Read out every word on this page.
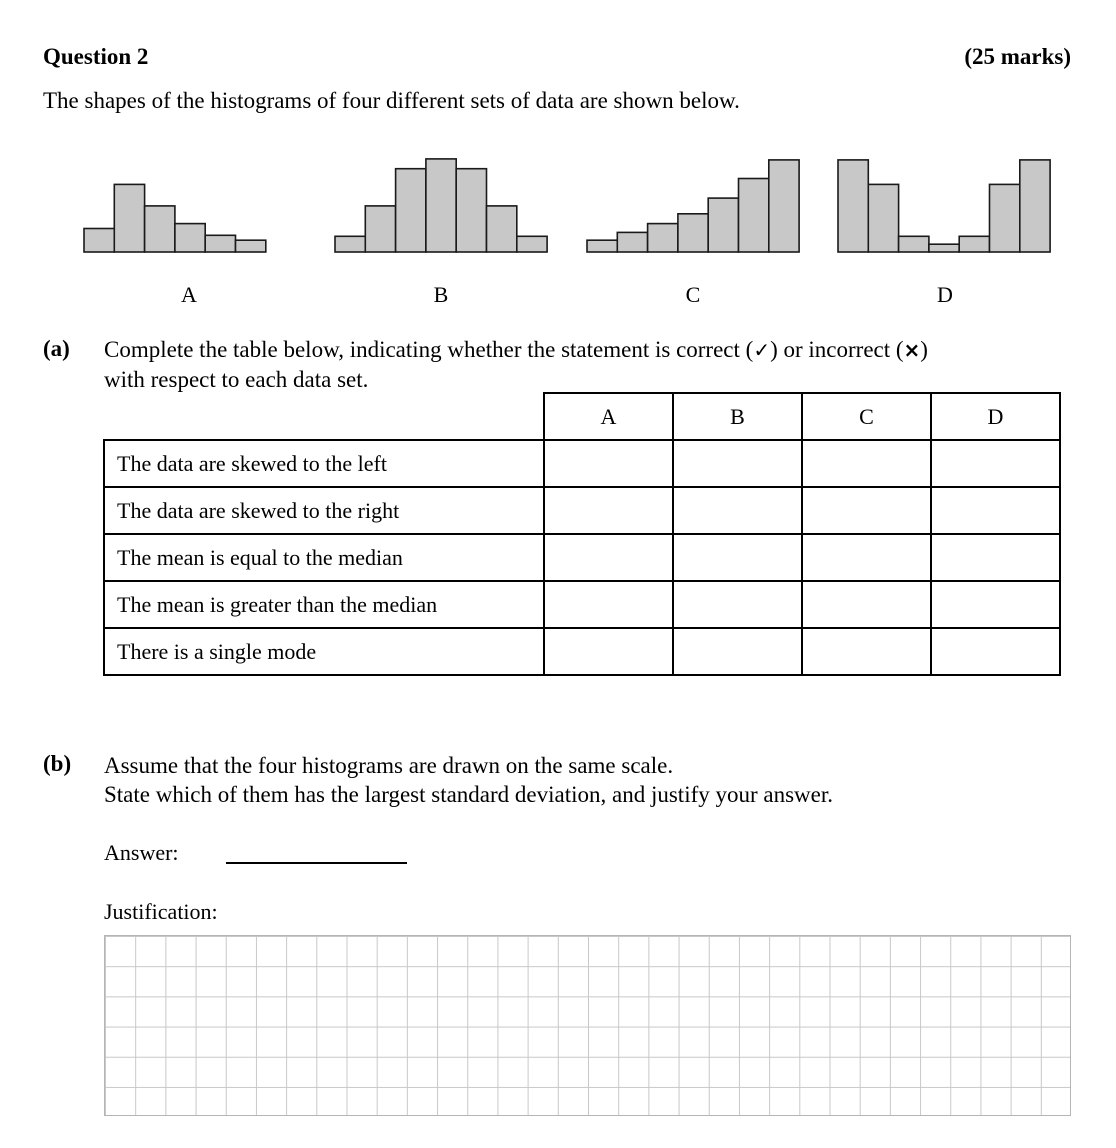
Question 2	(25 marks)
The shapes of the histograms of four different sets of data are shown below.
A	B	C	D
(a) Complete the table below, indicating whether the statement is correct (✓) or incorrect (×)
with respect to each data set.
	A	B	C	D
The data are skewed to the left				
The data are skewed to the right				
The mean is equal to the median				
The mean is greater than the median				
There is a single mode				
(b) Assume that the four histograms are drawn on the same scale.
State which of them has the largest standard deviation, and justify your answer.
Answer:
Justification:
